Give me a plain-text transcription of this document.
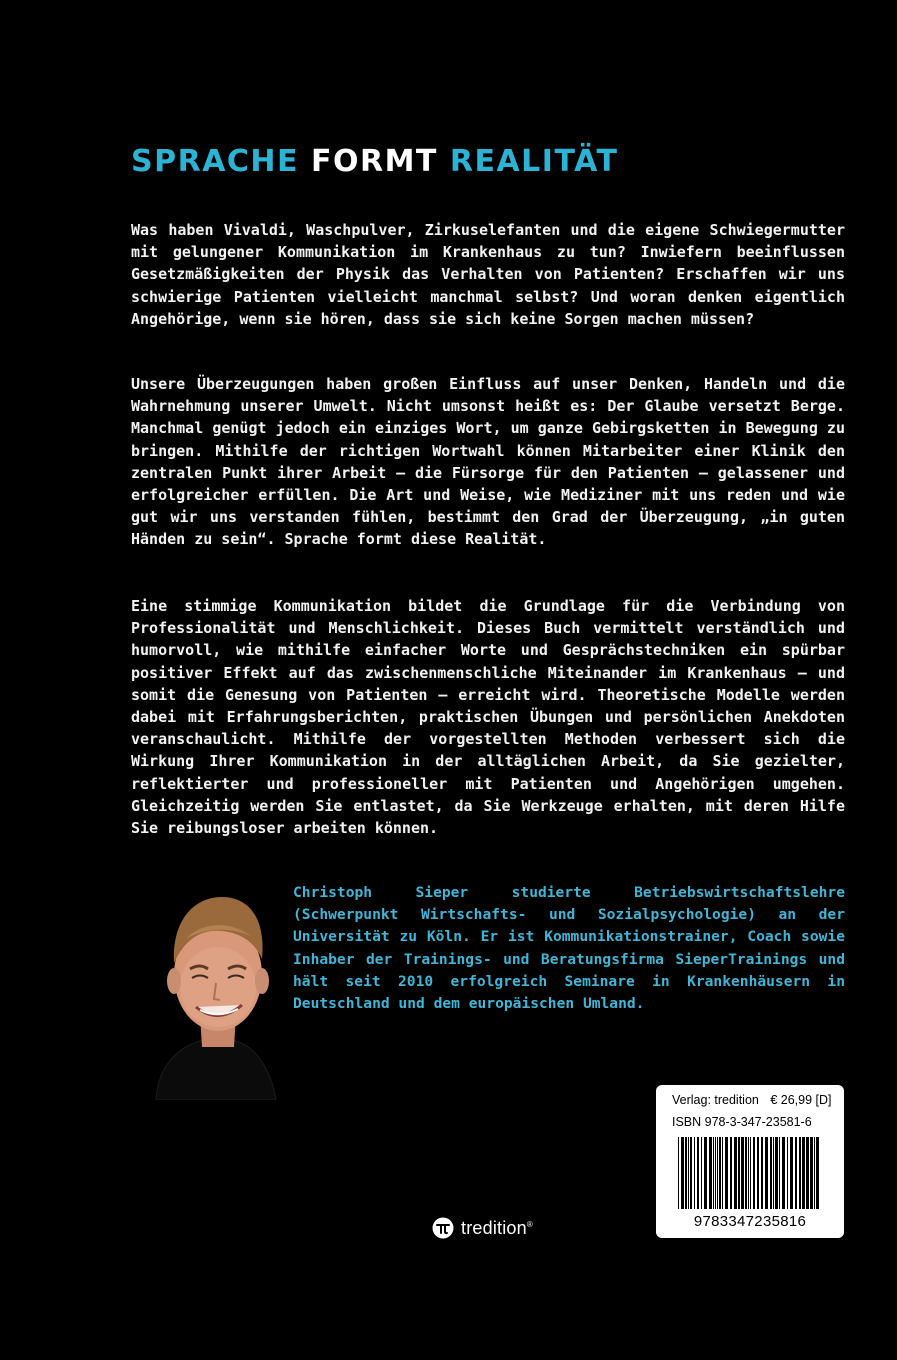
SPRACHE FORMT REALITÄT

Was haben Vivaldi, Waschpulver, Zirkuselefanten und die eigene Schwiegermutter mit gelungener Kommunikation im Krankenhaus zu tun? Inwiefern beeinflussen Gesetzmäßigkeiten der Physik das Verhalten von Patienten? Erschaffen wir uns schwierige Patienten vielleicht manchmal selbst? Und woran denken eigentlich Angehörige, wenn sie hören, dass sie sich keine Sorgen machen müssen?

Unsere Überzeugungen haben großen Einfluss auf unser Denken, Handeln und die Wahrnehmung unserer Umwelt. Nicht umsonst heißt es: Der Glaube versetzt Berge. Manchmal genügt jedoch ein einziges Wort, um ganze Gebirgsketten in Bewegung zu bringen. Mithilfe der richtigen Wortwahl können Mitarbeiter einer Klinik den zentralen Punkt ihrer Arbeit – die Fürsorge für den Patienten – gelassener und erfolgreicher erfüllen. Die Art und Weise, wie Mediziner mit uns reden und wie gut wir uns verstanden fühlen, bestimmt den Grad der Überzeugung, „in guten Händen zu sein“. Sprache formt diese Realität.

Eine stimmige Kommunikation bildet die Grundlage für die Verbindung von Professionalität und Menschlichkeit. Dieses Buch vermittelt verständlich und humorvoll, wie mithilfe einfacher Worte und Gesprächstechniken ein spürbar positiver Effekt auf das zwischenmenschliche Miteinander im Krankenhaus – und somit die Genesung von Patienten – erreicht wird. Theoretische Modelle werden dabei mit Erfahrungsberichten, praktischen Übungen und persönlichen Anekdoten veranschaulicht. Mithilfe der vorgestellten Methoden verbessert sich die Wirkung Ihrer Kommunikation in der alltäglichen Arbeit, da Sie gezielter, reflektierter und professioneller mit Patienten und Angehörigen umgehen. Gleichzeitig werden Sie entlastet, da Sie Werkzeuge erhalten, mit deren Hilfe Sie reibungsloser arbeiten können.

Christoph Sieper studierte Betriebswirtschaftslehre (Schwerpunkt Wirtschafts- und Sozialpsychologie) an der Universität zu Köln. Er ist Kommunikationstrainer, Coach sowie Inhaber der Trainings- und Beratungsfirma SieperTrainings und hält seit 2010 erfolgreich Seminare in Krankenhäusern in Deutschland und dem europäischen Umland.

Verlag: tredition € 26,99 [D]
ISBN 978-3-347-23581-6
9783347235816
tredition®
